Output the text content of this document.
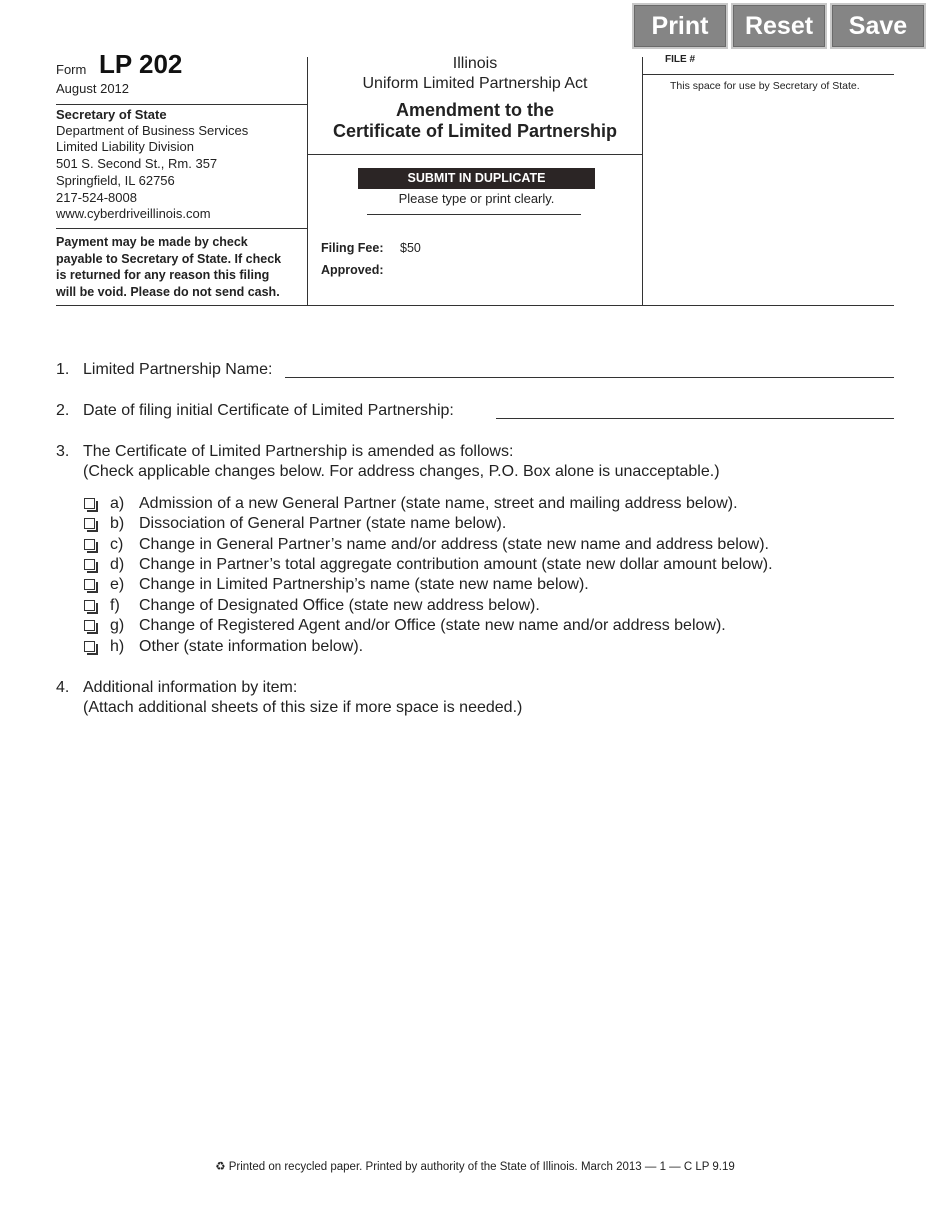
Print	Reset	Save
Form LP 202
August 2012
Secretary of State
Department of Business Services
Limited Liability Division
501 S. Second St., Rm. 357
Springfield, IL 62756
217-524-8008
www.cyberdriveillinois.com
Payment may be made by check
payable to Secretary of State. If check
is returned for any reason this filing
will be void. Please do not send cash.
Illinois
Uniform Limited Partnership Act
Amendment to the
Certificate of Limited Partnership
SUBMIT IN DUPLICATE
Please type or print clearly.
Filing Fee: $50
Approved:
FILE #
This space for use by Secretary of State.
1. Limited Partnership Name:
2. Date of filing initial Certificate of Limited Partnership:
3. The Certificate of Limited Partnership is amended as follows:
(Check applicable changes below. For address changes, P.O. Box alone is unacceptable.)
a) Admission of a new General Partner (state name, street and mailing address below).
b) Dissociation of General Partner (state name below).
c) Change in General Partner’s name and/or address (state new name and address below).
d) Change in Partner’s total aggregate contribution amount (state new dollar amount below).
e) Change in Limited Partnership’s name (state new name below).
f) Change of Designated Office (state new address below).
g) Change of Registered Agent and/or Office (state new name and/or address below).
h) Other (state information below).
4. Additional information by item:
(Attach additional sheets of this size if more space is needed.)
♻ Printed on recycled paper. Printed by authority of the State of Illinois. March 2013 — 1 — C LP 9.19
